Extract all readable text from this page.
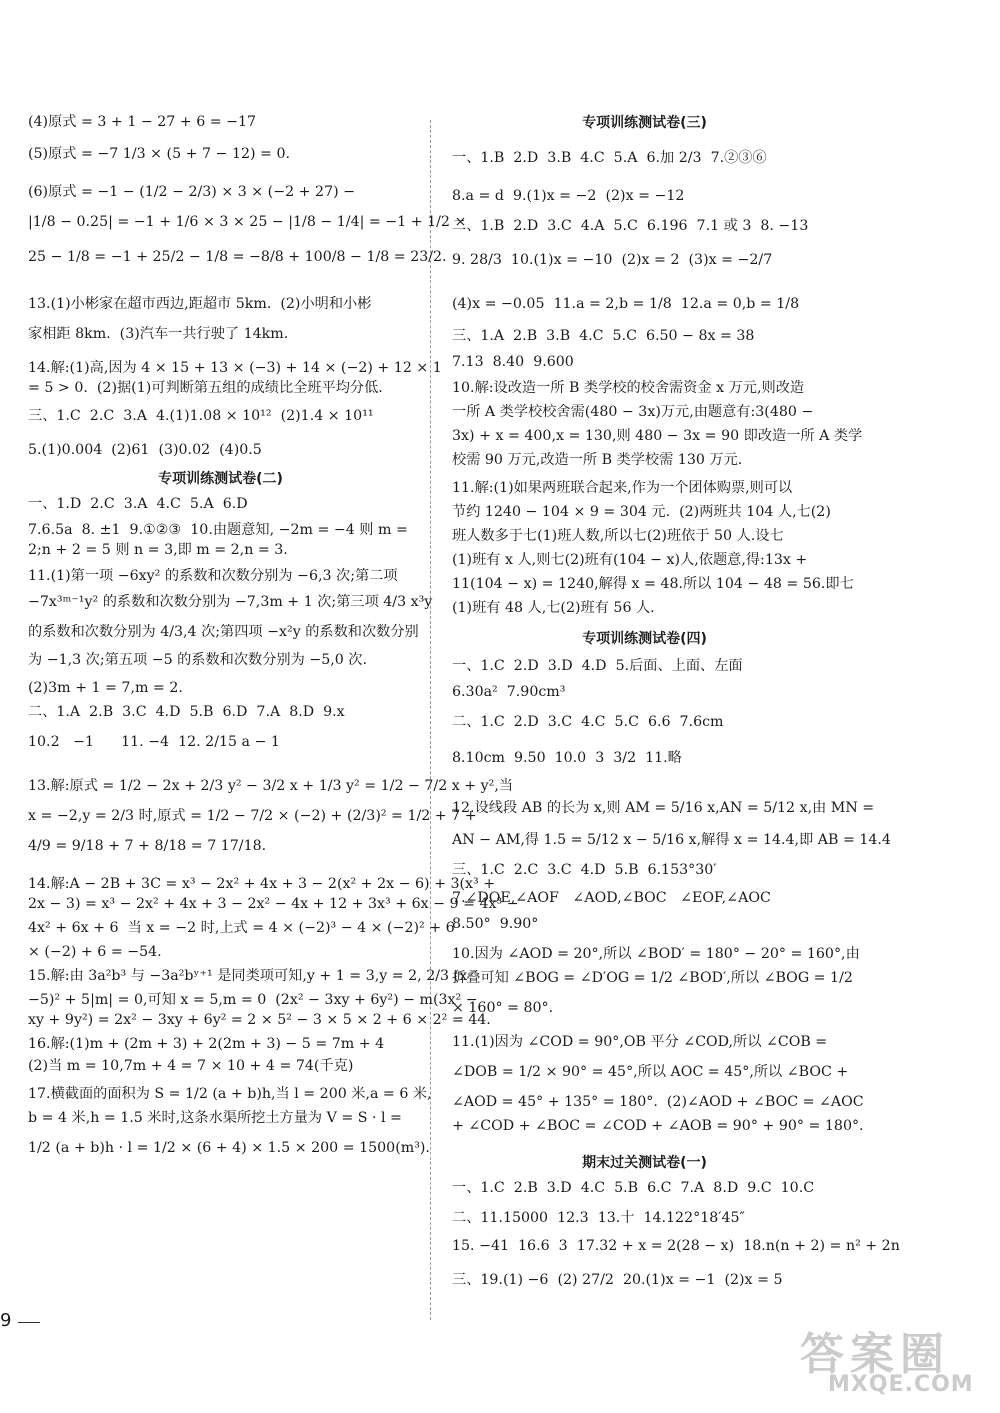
(4)原式 = 3 + 1 − 27 + 6 = −17
(5)原式 = −7 1/3 × (5 + 7 − 12) = 0.
(6)原式 = −1 − (1/2 − 2/3) × 3 × (−2 + 27) −
|1/8 − 0.25| = −1 + 1/6 × 3 × 25 − |1/8 − 1/4| = −1 + 1/2 ×
25 − 1/8 = −1 + 25/2 − 1/8 = −8/8 + 100/8 − 1/8 = 23/2.
13.(1)小彬家在超市西边,距超市 5km.  (2)小明和小彬
家相距 8km.  (3)汽车一共行驶了 14km.
14.解:(1)高,因为 4 × 15 + 13 × (−3) + 14 × (−2) + 12 × 1
= 5 > 0.  (2)据(1)可判断第五组的成绩比全班平均分低.
三、1.C  2.C  3.A  4.(1)1.08 × 10¹²  (2)1.4 × 10¹¹
5.(1)0.004  (2)61  (3)0.02  (4)0.5
专项训练测试卷(二)
一、1.D  2.C  3.A  4.C  5.A  6.D
7.6.5a  8. ±1  9.①②③  10.由题意知, −2m = −4 则 m =
2;n + 2 = 5 则 n = 3,即 m = 2,n = 3.
11.(1)第一项 −6xy² 的系数和次数分别为 −6,3 次;第二项
−7x³ᵐ⁻¹y² 的系数和次数分别为 −7,3m + 1 次;第三项 4/3 x³y
的系数和次数分别为 4/3,4 次;第四项 −x²y 的系数和次数分别
为 −1,3 次;第五项 −5 的系数和次数分别为 −5,0 次.
(2)3m + 1 = 7,m = 2.
二、1.A  2.B  3.C  4.D  5.B  6.D  7.A  8.D  9.x
10.2   −1      11. −4  12. 2/15 a − 1
13.解:原式 = 1/2 − 2x + 2/3 y² − 3/2 x + 1/3 y² = 1/2 − 7/2 x + y²,当
x = −2,y = 2/3 时,原式 = 1/2 − 7/2 × (−2) + (2/3)² = 1/2 + 7 +
4/9 = 9/18 + 7 + 8/18 = 7 17/18.
14.解:A − 2B + 3C = x³ − 2x² + 4x + 3 − 2(x² + 2x − 6) + 3(x³ +
2x − 3) = x³ − 2x² + 4x + 3 − 2x² − 4x + 12 + 3x³ + 6x − 9 = 4x³ −
4x² + 6x + 6  当 x = −2 时,上式 = 4 × (−2)³ − 4 × (−2)² + 6
× (−2) + 6 = −54.
15.解:由 3a²b³ 与 −3a²bʸ⁺¹ 是同类项可知,y + 1 = 3,y = 2, 2/3 (x
−5)² + 5|m| = 0,可知 x = 5,m = 0  (2x² − 3xy + 6y²) − m(3x² −
xy + 9y²) = 2x² − 3xy + 6y² = 2 × 5² − 3 × 5 × 2 + 6 × 2² = 44.
16.解:(1)m + (2m + 3) + 2(2m + 3) − 5 = 7m + 4
(2)当 m = 10,7m + 4 = 7 × 10 + 4 = 74(千克)
17.横截面的面积为 S = 1/2 (a + b)h,当 l = 200 米,a = 6 米,
b = 4 米,h = 1.5 米时,这条水渠所挖土方量为 V = S · l =
1/2 (a + b)h · l = 1/2 × (6 + 4) × 1.5 × 200 = 1500(m³).
专项训练测试卷(三)
一、1.B  2.D  3.B  4.C  5.A  6.加 2/3  7.②③⑥
8.a = d  9.(1)x = −2  (2)x = −12
二、1.B  2.D  3.C  4.A  5.C  6.196  7.1 或 3  8. −13
9. 28/3  10.(1)x = −10  (2)x = 2  (3)x = −2/7
(4)x = −0.05  11.a = 2,b = 1/8  12.a = 0,b = 1/8
三、1.A  2.B  3.B  4.C  5.C  6.50 − 8x = 38
7.13  8.40  9.600
10.解:设改造一所 B 类学校的校舍需资金 x 万元,则改造
一所 A 类学校校舍需(480 − 3x)万元,由题意有:3(480 −
3x) + x = 400,x = 130,则 480 − 3x = 90 即改造一所 A 类学
校需 90 万元,改造一所 B 类学校需 130 万元.
11.解:(1)如果两班联合起来,作为一个团体购票,则可以
节约 1240 − 104 × 9 = 304 元.  (2)两班共 104 人,七(2)
班人数多于七(1)班人数,所以七(2)班依于 50 人.设七
(1)班有 x 人,则七(2)班有(104 − x)人,依题意,得:13x +
11(104 − x) = 1240,解得 x = 48.所以 104 − 48 = 56.即七
(1)班有 48 人,七(2)班有 56 人.
专项训练测试卷(四)
一、1.C  2.D  3.D  4.D  5.后面、上面、左面
6.30a²  7.90cm³
二、1.C  2.D  3.C  4.C  5.C  6.6  7.6cm
8.10cm  9.50  10.0  3  3/2  11.略
12.设线段 AB 的长为 x,则 AM = 5/16 x,AN = 5/12 x,由 MN =
AN − AM,得 1.5 = 5/12 x − 5/16 x,解得 x = 14.4,即 AB = 14.4
三、1.C  2.C  3.C  4.D  5.B  6.153°30′
7.∠DOE,∠AOF   ∠AOD,∠BOC   ∠EOF,∠AOC
8.50°  9.90°
10.因为 ∠AOD = 20°,所以 ∠BOD′ = 180° − 20° = 160°,由
折叠可知 ∠BOG = ∠D′OG = 1/2 ∠BOD′,所以 ∠BOG = 1/2
× 160° = 80°.
11.(1)因为 ∠COD = 90°,OB 平分 ∠COD,所以 ∠COB =
∠DOB = 1/2 × 90° = 45°,所以 AOC = 45°,所以 ∠BOC +
∠AOD = 45° + 135° = 180°.  (2)∠AOD + ∠BOC = ∠AOC
+ ∠COD + ∠BOC = ∠COD + ∠AOB = 90° + 90° = 180°.
期末过关测试卷(一)
一、1.C  2.B  3.D  4.C  5.B  6.C  7.A  8.D  9.C  10.C
二、11.15000  12.3  13.十  14.122°18′45″
15. −41  16.6  3  17.32 + x = 2(28 − x)  18.n(n + 2) = n² + 2n
三、19.(1) −6  (2) 27/2  20.(1)x = −1  (2)x = 5
9
答案圈
MXQE.COM
